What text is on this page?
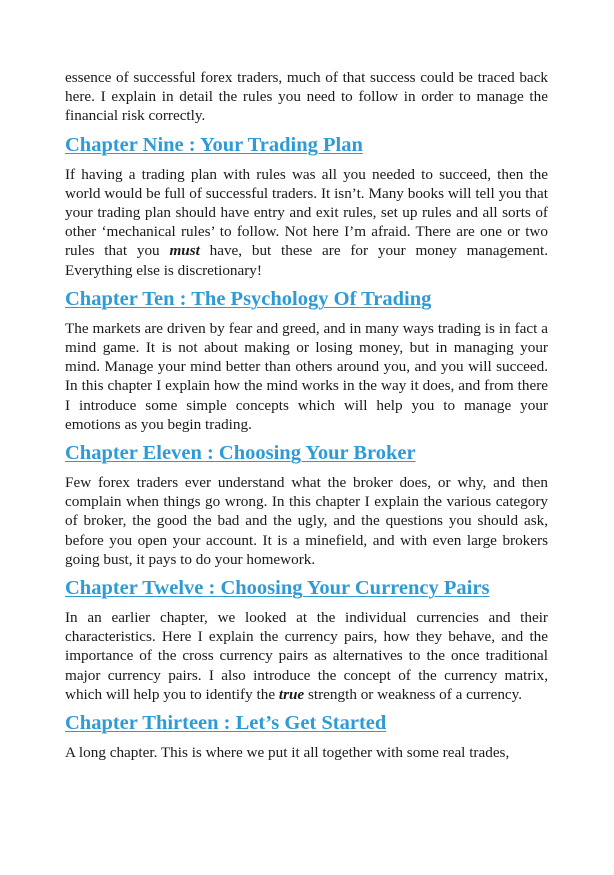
essence of successful forex traders, much of that success could be traced back here. I explain in detail the rules you need to follow in order to manage the financial risk correctly.

Chapter Nine : Your Trading Plan

If having a trading plan with rules was all you needed to succeed, then the world would be full of successful traders. It isn’t. Many books will tell you that your trading plan should have entry and exit rules, set up rules and all sorts of other ‘mechanical rules’ to follow. Not here I’m afraid. There are one or two rules that you must have, but these are for your money management. Everything else is discretionary!

Chapter Ten : The Psychology Of Trading

The markets are driven by fear and greed, and in many ways trading is in fact a mind game. It is not about making or losing money, but in managing your mind. Manage your mind better than others around you, and you will succeed. In this chapter I explain how the mind works in the way it does, and from there I introduce some simple concepts which will help you to manage your emotions as you begin trading.

Chapter Eleven : Choosing Your Broker

Few forex traders ever understand what the broker does, or why, and then complain when things go wrong. In this chapter I explain the various category of broker, the good the bad and the ugly, and the questions you should ask, before you open your account. It is a minefield, and with even large brokers going bust, it pays to do your homework.

Chapter Twelve : Choosing Your Currency Pairs

In an earlier chapter, we looked at the individual currencies and their characteristics. Here I explain the currency pairs, how they behave, and the importance of the cross currency pairs as alternatives to the once traditional major currency pairs. I also introduce the concept of the currency matrix, which will help you to identify the true strength or weakness of a currency.

Chapter Thirteen : Let’s Get Started

A long chapter. This is where we put it all together with some real trades,
